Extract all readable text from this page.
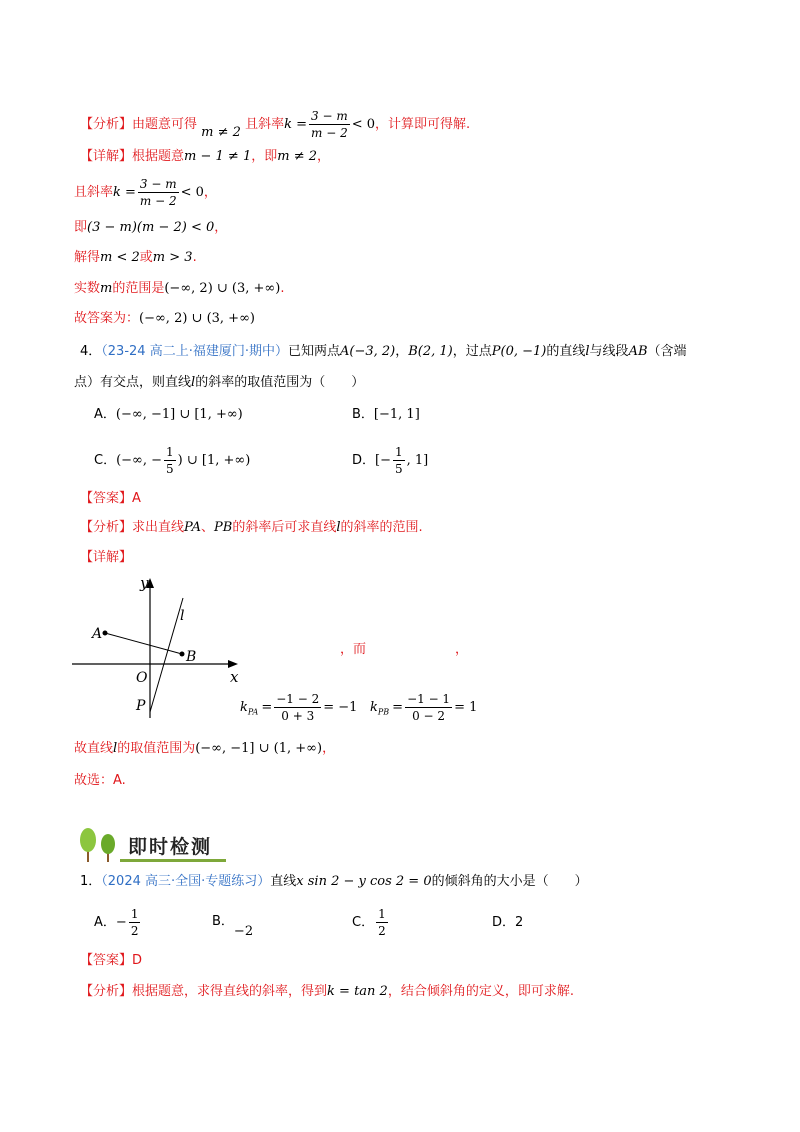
【分析】由题意可得 m ≠ 2 且斜率$k = \frac{3 - m}{m - 2} < 0$，计算即可得解.
【详解】根据题意m − 1 ≠ 1，即m ≠ 2，
且斜率$k = \frac{3 - m}{m - 2} < 0$，
即(3 − m)(m − 2) < 0，
解得m < 2或m > 3.
实数m的范围是(−∞, 2) ∪ (3, +∞).
故答案为：(−∞, 2) ∪ (3, +∞)
4．（23-24 高二上·福建厦门·期中）已知两点A(−3, 2)，B(2, 1)，过点P(0, −1)的直线l与线段AB（含端
点）有交点，则直线l的斜率的取值范围为（　　）
A．(−∞, −1] ∪ [1, +∞)	B．[−1, 1]
C．(−∞, − $\frac{1}{5}$ ) ∪ [1, +∞)	D．[− $\frac{1}{5}$ , 1]
【答案】A
【分析】求出直线PA、PB的斜率后可求直线l的斜率的范围.
【详解】
y
x
O
A
B
P
l
，而	，
$k_{PA} = \frac{-1 - 2}{0 + 3} = -1$ $k_{PB} = \frac{-1 - 1}{0 - 2} = 1$
故直线l的取值范围为(−∞, −1] ∪ (1, +∞)，
故选：A.
即时检测
1．（2024 高三·全国·专题练习）直线x sin 2 − y cos 2 = 0的倾斜角的大小是（　　）
A．− $\frac{1}{2}$	B．−2
C． $\frac{1}{2}$	D．2
【答案】D
【分析】根据题意，求得直线的斜率，得到k = tan 2，结合倾斜角的定义，即可求解.
